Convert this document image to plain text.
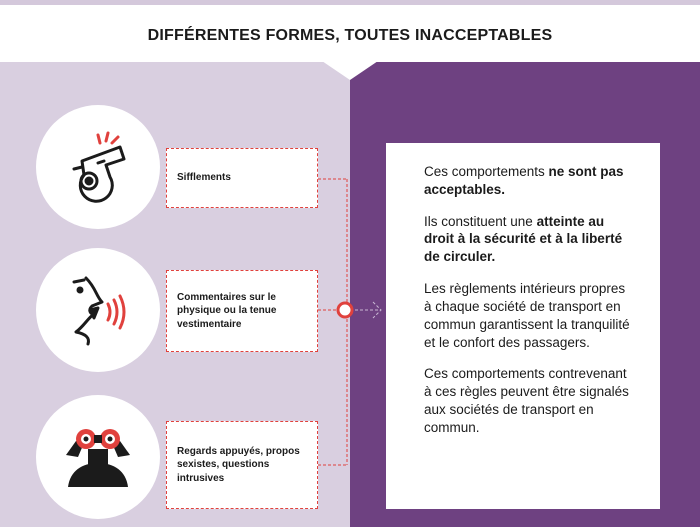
DIFFÉRENTES FORMES, TOUTES INACCEPTABLES
Sifflements
Commentaires sur le physique ou la tenue vestimentaire
Regards appuyés, propos sexistes, questions intrusives

Ces comportements ne sont pas acceptables.

Ils constituent une atteinte au droit à la sécurité et à la liberté de circuler.

Les règlements intérieurs propres à chaque société de transport en commun garantissent la tranquilité et le confort des passagers.

Ces comportements contrevenant à ces règles peuvent être signalés aux sociétés de transport en commun.
